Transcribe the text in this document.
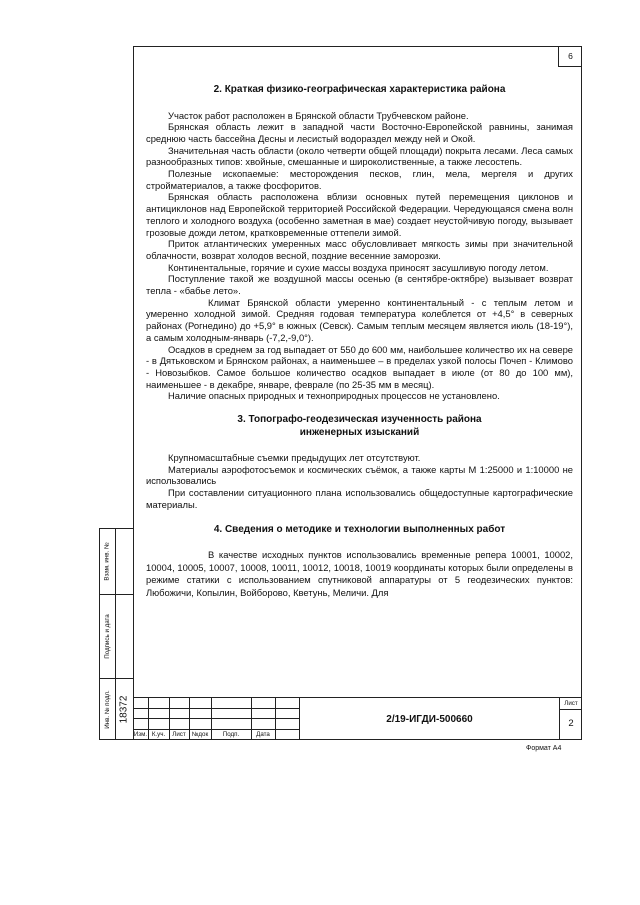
6
2. Краткая физико-географическая характеристика района

Участок работ расположен в Брянской области Трубчевском районе.

Брянская область лежит в западной части Восточно-Европейской равнины, занимая среднюю часть бассейна Десны и лесистый водораздел между ней и Окой.

Значительная часть области (около четверти общей площади) покрыта лесами. Леса самых разнообразных типов: хвойные, смешанные и широколиственные, а также лесостепь.

Полезные ископаемые: месторождения песков, глин, мела, мергеля и других стройматериалов, а также фосфоритов.

Брянская область расположена вблизи основных путей перемещения циклонов и антициклонов над Европейской территорией Российской Федерации. Чередующаяся смена волн теплого и холодного воздуха (особенно заметная в мае) создает неустойчивую погоду, вызывает грозовые дожди летом, кратковременные оттепели зимой.

Приток атлантических умеренных масс обусловливает мягкость зимы при значительной облачности, возврат холодов весной, поздние весенние заморозки.

Континентальные, горячие и сухие массы воздуха приносят засушливую погоду летом.

Поступление такой же воздушной массы осенью (в сентябре-октябре) вызывает возврат тепла - «бабье лето».

Климат Брянской области умеренно континентальный - с теплым летом и умеренно холодной зимой. Средняя годовая температура колеблется от +4,5° в северных районах (Рогнедино) до +5,9° в южных (Севск). Самым теплым месяцем является июль (18-19°), а самым холодным-январь (-7,2,-9,0°).

Осадков в среднем за год выпадает от 550 до 600 мм, наибольшее количество их на севере - в Дятьковском и Брянском районах, а наименьшее – в пределах узкой полосы Почеп - Климово - Новозыбков. Самое большое количество осадков выпадает в июле (от 80 до 100 мм), наименьшее - в декабре, январе, феврале (по 25-35 мм в месяц).

Наличие опасных природных и техноприродных процессов не установлено.

3. Топографо-геодезическая изученность района
инженерных изысканий

Крупномасштабные съемки предыдущих лет отсутствуют.

Материалы аэрофотосъемок и космических съёмок, а также карты М 1:25000 и 1:10000 не использовались

При составлении ситуационного плана использовались общедоступные картографические материалы.

4. Сведения о методике и технологии выполненных работ

В качестве исходных пунктов использовались временные репера 10001, 10002, 10004, 10005, 10007, 10008, 10011, 10012, 10018, 10019 координаты которых были определены в режиме статики с использованием спутниковой аппаратуры от 5 геодезических пунктов: Любожичи, Копылин, Войборово, Кветунь, Меличи. Для

Взам. инв. №
Подпись и дата
Инв. № подл. 18372
Изм. К.уч.	Лист №док	Подп.	Дата
2/19-ИГДИ-500660
Лист
2
Формат А4
